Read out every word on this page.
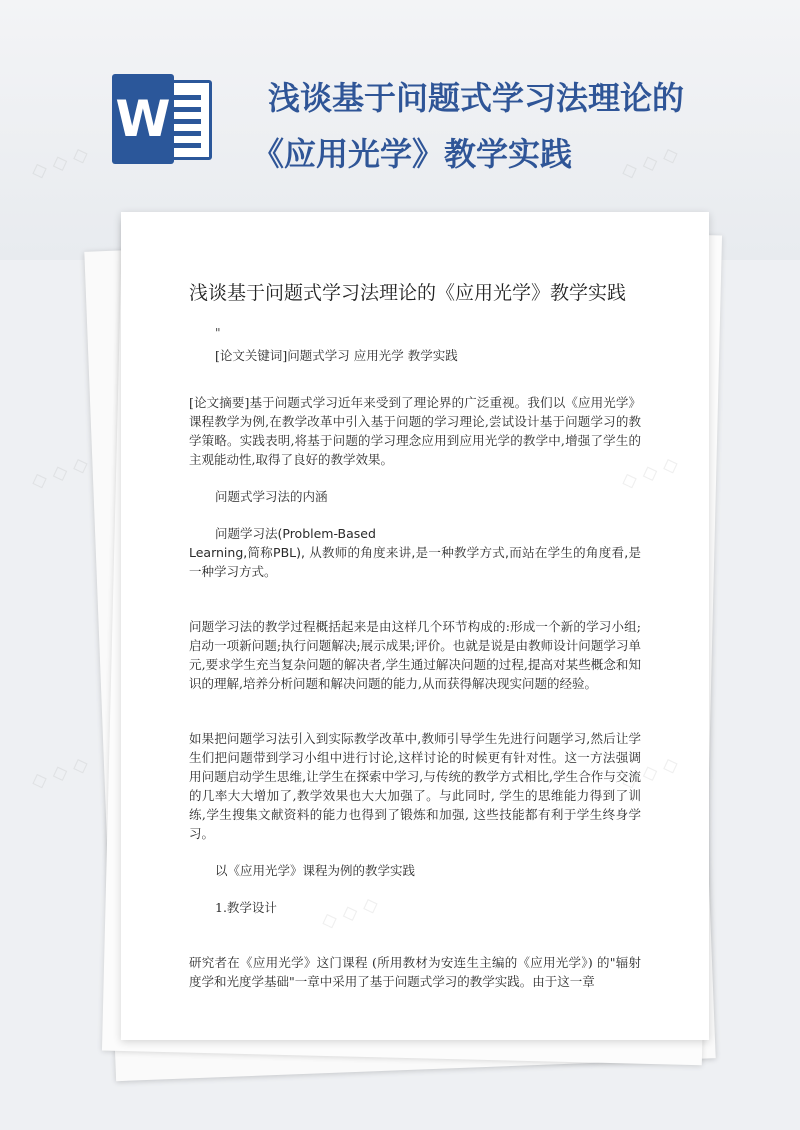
W	浅谈基于问题式学习法理论的
《应用光学》教学实践
浅谈基于问题式学习法理论的《应用光学》教学实践
"

[论文关键词]问题式学习 应用光学 教学实践

[论文摘要]基于问题式学习近年来受到了理论界的广泛重视。我们以《应用光学》课程教学为例,在教学改革中引入基于问题的学习理论,尝试设计基于问题学习的教学策略。实践表明,将基于问题的学习理念应用到应用光学的教学中,增强了学生的主观能动性,取得了良好的教学效果。

问题式学习法的内涵

问题学习法(Problem-Based

Learning,简称PBL), 从教师的角度来讲,是一种教学方式,而站在学生的角度看,是一种学习方式。

问题学习法的教学过程概括起来是由这样几个环节构成的:形成一个新的学习小组;启动一项新问题;执行问题解决;展示成果;评价。也就是说是由教师设计问题学习单元,要求学生充当复杂问题的解决者,学生通过解决问题的过程,提高对某些概念和知识的理解,培养分析问题和解决问题的能力,从而获得解决现实问题的经验。

如果把问题学习法引入到实际教学改革中,教师引导学生先进行问题学习,然后让学生们把问题带到学习小组中进行讨论,这样讨论的时候更有针对性。这一方法强调用问题启动学生思维,让学生在探索中学习,与传统的教学方式相比,学生合作与交流的几率大大增加了,教学效果也大大加强了。与此同时, 学生的思维能力得到了训练,学生搜集文献资料的能力也得到了锻炼和加强, 这些技能都有利于学生终身学习。

以《应用光学》课程为例的教学实践

1.教学设计

研究者在《应用光学》这门课程 (所用教材为安连生主编的《应用光学》) 的"辐射度学和光度学基础"一章中采用了基于问题式学习的教学实践。由于这一章

◇ ◇ ◇
◇ ◇ ◇
